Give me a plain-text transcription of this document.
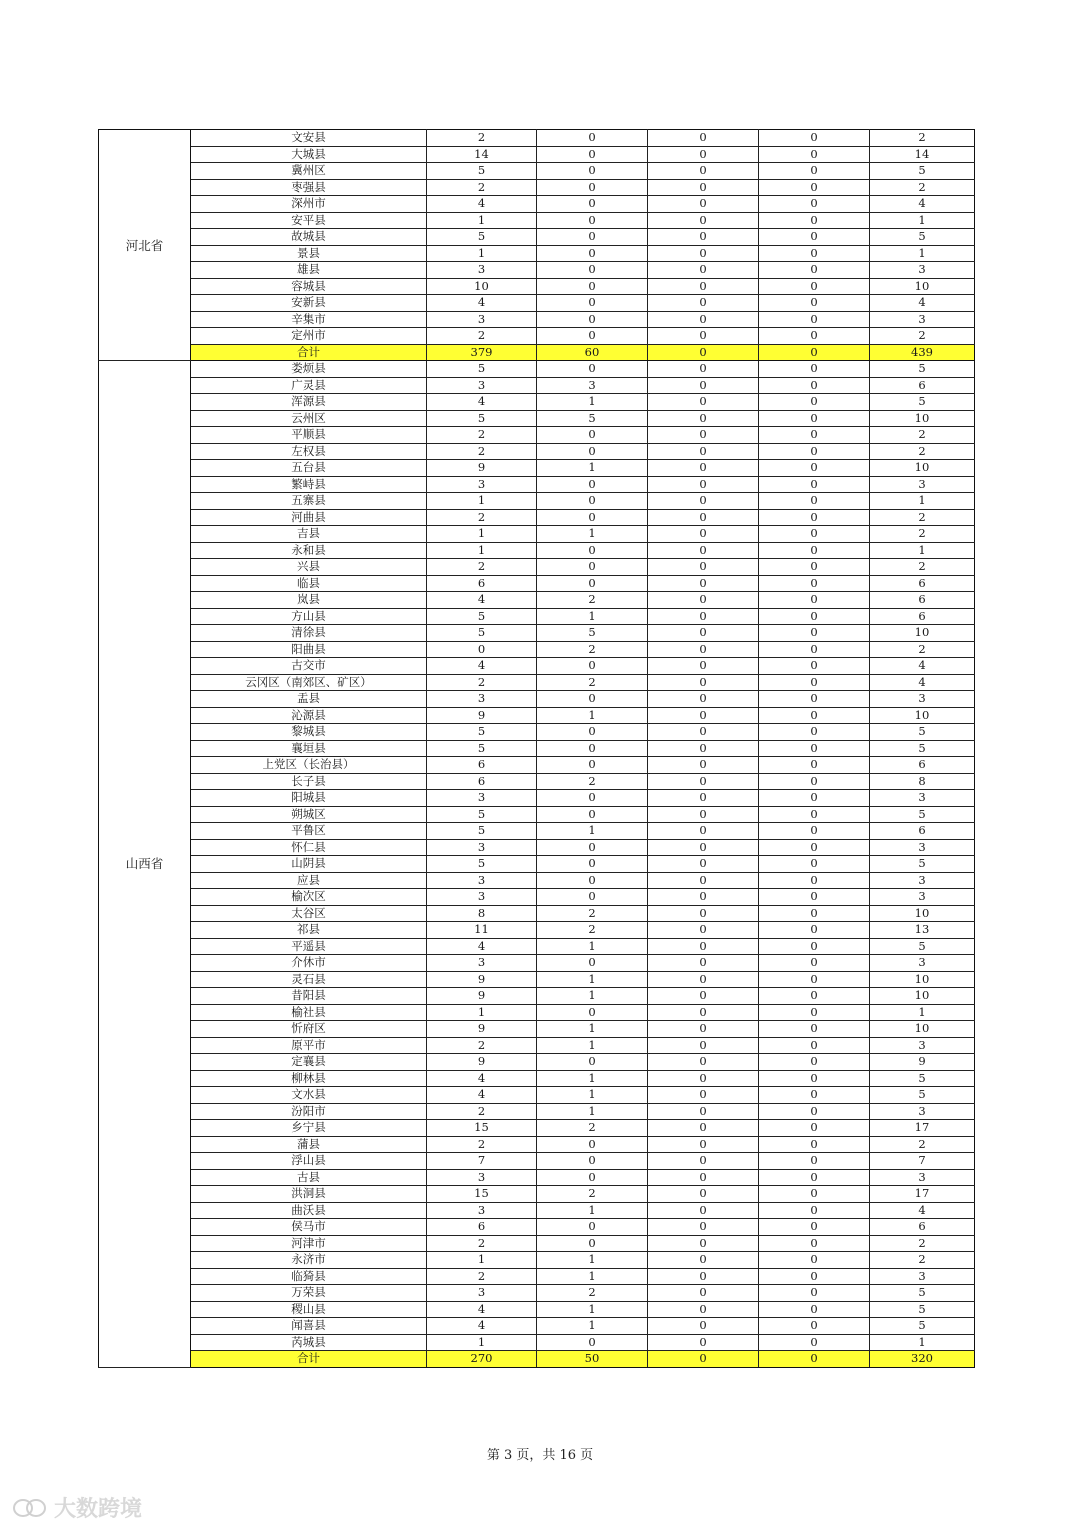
河北省	文安县	2	0	0	0	2
	大城县	14	0	0	0	14
	冀州区	5	0	0	0	5
	枣强县	2	0	0	0	2
	深州市	4	0	0	0	4
	安平县	1	0	0	0	1
	故城县	5	0	0	0	5
	景县	1	0	0	0	1
	雄县	3	0	0	0	3
	容城县	10	0	0	0	10
	安新县	4	0	0	0	4
	辛集市	3	0	0	0	3
	定州市	2	0	0	0	2
	合计	379	60	0	0	439
山西省	娄烦县	5	0	0	0	5
	广灵县	3	3	0	0	6
	浑源县	4	1	0	0	5
	云州区	5	5	0	0	10
	平顺县	2	0	0	0	2
	左权县	2	0	0	0	2
	五台县	9	1	0	0	10
	繁峙县	3	0	0	0	3
	五寨县	1	0	0	0	1
	河曲县	2	0	0	0	2
	吉县	1	1	0	0	2
	永和县	1	0	0	0	1
	兴县	2	0	0	0	2
	临县	6	0	0	0	6
	岚县	4	2	0	0	6
	方山县	5	1	0	0	6
	清徐县	5	5	0	0	10
	阳曲县	0	2	0	0	2
	古交市	4	0	0	0	4
	云冈区（南郊区、矿区）	2	2	0	0	4
	盂县	3	0	0	0	3
	沁源县	9	1	0	0	10
	黎城县	5	0	0	0	5
	襄垣县	5	0	0	0	5
	上党区（长治县）	6	0	0	0	6
	长子县	6	2	0	0	8
	阳城县	3	0	0	0	3
	朔城区	5	0	0	0	5
	平鲁区	5	1	0	0	6
	怀仁县	3	0	0	0	3
	山阴县	5	0	0	0	5
	应县	3	0	0	0	3
	榆次区	3	0	0	0	3
	太谷区	8	2	0	0	10
	祁县	11	2	0	0	13
	平遥县	4	1	0	0	5
	介休市	3	0	0	0	3
	灵石县	9	1	0	0	10
	昔阳县	9	1	0	0	10
	榆社县	1	0	0	0	1
	忻府区	9	1	0	0	10
	原平市	2	1	0	0	3
	定襄县	9	0	0	0	9
	柳林县	4	1	0	0	5
	文水县	4	1	0	0	5
	汾阳市	2	1	0	0	3
	乡宁县	15	2	0	0	17
	蒲县	2	0	0	0	2
	浮山县	7	0	0	0	7
	古县	3	0	0	0	3
	洪洞县	15	2	0	0	17
	曲沃县	3	1	0	0	4
	侯马市	6	0	0	0	6
	河津市	2	0	0	0	2
	永济市	1	1	0	0	2
	临猗县	2	1	0	0	3
	万荣县	3	2	0	0	5
	稷山县	4	1	0	0	5
	闻喜县	4	1	0	0	5
	芮城县	1	0	0	0	1
	合计	270	50	0	0	320
第 3 页，共 16 页
大数跨境
